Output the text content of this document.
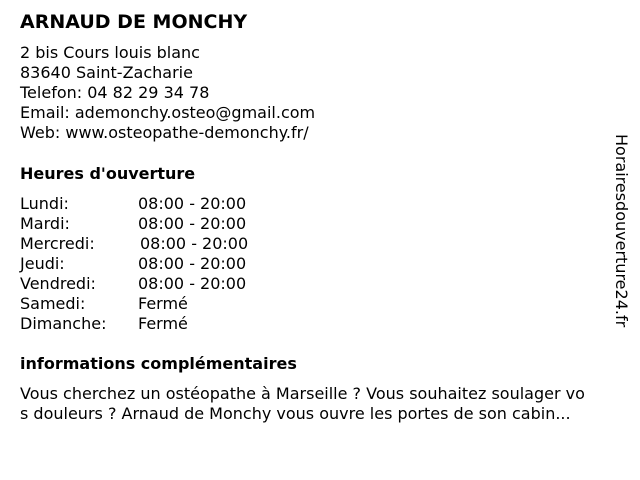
ARNAUD DE MONCHY
2 bis Cours louis blanc
83640 Saint-Zacharie
Telefon: 04 82 29 34 78
Email: ademonchy.osteo@gmail.com
Web: www.osteopathe-demonchy.fr/
Heures d'ouverture
Lundi:	08:00 - 20:00
Mardi:	08:00 - 20:00
Mercredi:	08:00 - 20:00
Jeudi:	08:00 - 20:00
Vendredi:	08:00 - 20:00
Samedi:	Fermé
Dimanche: Fermé
informations complémentaires
Vous cherchez un ostéopathe à Marseille ? Vous souhaitez soulager vo
s douleurs ? Arnaud de Monchy vous ouvre les portes de son cabin...
Horairesdouverture24.fr
